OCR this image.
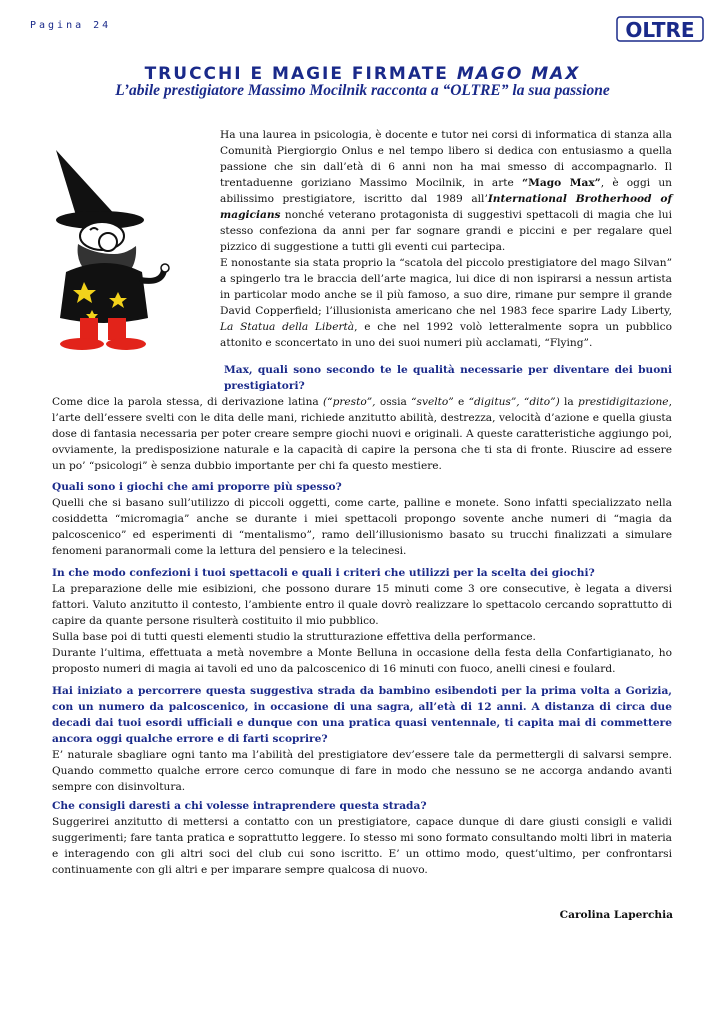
Pagina 24	OLTRE
TRUCCHI E MAGIE FIRMATE MAGO MAX
L’abile prestigiatore Massimo Mocilnik racconta a “OLTRE” la sua passione

Ha una laurea in psicologia, è docente e tutor nei corsi di informatica di stanza alla Comunità Piergiorgio Onlus e nel tempo libero si dedica con entusiasmo a quella passione che sin dall’età di 6 anni non ha mai smesso di accompagnarlo. Il trentaduenne goriziano Massimo Mocilnik, in arte “Mago Max”, è oggi un abilissimo prestigiatore, iscritto dal 1989 all’International Brotherhood of magicians nonché veterano protagonista di suggestivi spettacoli di magia che lui stesso confeziona da anni per far sognare grandi e piccini e per regalare quel pizzico di suggestione a tutti gli eventi cui partecipa.

E nonostante sia stata proprio la “scatola del piccolo prestigiatore del mago Silvan” a spingerlo tra le braccia dell’arte magica, lui dice di non ispirarsi a nessun artista in particolar modo anche se il più famoso, a suo dire, rimane pur sempre il grande David Copperfield; l’illusionista americano che nel 1983 fece sparire Lady Liberty, La Statua della Libertà, e che nel 1992 volò letteralmente sopra un pubblico attonito e sconcertato in uno dei suoi numeri più acclamati, “Flying”.

Max, quali sono secondo te le qualità necessarie per diventare dei buoni prestigiatori?

Come dice la parola stessa, di derivazione latina (“presto”, ossia “svelto” e “digitus”, “dito”) la prestidigitazione, l’arte dell’essere svelti con le dita delle mani, richiede anzitutto abilità, destrezza, velocità d’azione e quella giusta dose di fantasia necessaria per poter creare sempre giochi nuovi e originali. A queste caratteristiche aggiungo poi, ovviamente, la predisposizione naturale e la capacità di capire la persona che ti sta di fronte. Riuscire ad essere un po’ “psicologi” è senza dubbio importante per chi fa questo mestiere.

Quali sono i giochi che ami proporre più spesso?

Quelli che si basano sull’utilizzo di piccoli oggetti, come carte, palline e monete. Sono infatti specializzato nella cosiddetta “micromagia” anche se durante i miei spettacoli propongo sovente anche numeri di “magia da palcoscenico” ed esperimenti di “mentalismo”, ramo dell’illusionismo basato su trucchi finalizzati a simulare fenomeni paranormali come la lettura del pensiero e la telecinesi.

In che modo confezioni i tuoi spettacoli e quali i criteri che utilizzi per la scelta dei giochi?

La preparazione delle mie esibizioni, che possono durare 15 minuti come 3 ore consecutive, è legata a diversi fattori. Valuto anzitutto il contesto, l’ambiente entro il quale dovrò realizzare lo spettacolo cercando soprattutto di capire da quante persone risulterà costituito il mio pubblico.

Sulla base poi di tutti questi elementi studio la strutturazione effettiva della performance.

Durante l’ultima, effettuata a metà novembre a Monte Belluna in occasione della festa della Confartigianato, ho proposto numeri di magia ai tavoli ed uno da palcoscenico di 16 minuti con fuoco, anelli cinesi e foulard.

Hai iniziato a percorrere questa suggestiva strada da bambino esibendoti per la prima volta a Gorizia, con un numero da palcoscenico, in occasione di una sagra, all’età di 12 anni. A distanza di circa due decadi dai tuoi esordi ufficiali e dunque con una pratica quasi ventennale, ti capita mai di commettere ancora oggi qualche errore e di farti scoprire?

E’ naturale sbagliare ogni tanto ma l’abilità del prestigiatore dev’essere tale da permettergli di salvarsi sempre. Quando commetto qualche errore cerco comunque di fare in modo che nessuno se ne accorga andando avanti sempre con disinvoltura.

Che consigli daresti a chi volesse intraprendere questa strada?

Suggerirei anzitutto di mettersi a contatto con un prestigiatore, capace dunque di dare giusti consigli e validi suggerimenti; fare tanta pratica e soprattutto leggere. Io stesso mi sono formato consultando molti libri in materia e interagendo con gli altri soci del club cui sono iscritto. E’ un ottimo modo, quest’ultimo, per confrontarsi continuamente con gli altri e per imparare sempre qualcosa di nuovo.

Carolina Laperchia
